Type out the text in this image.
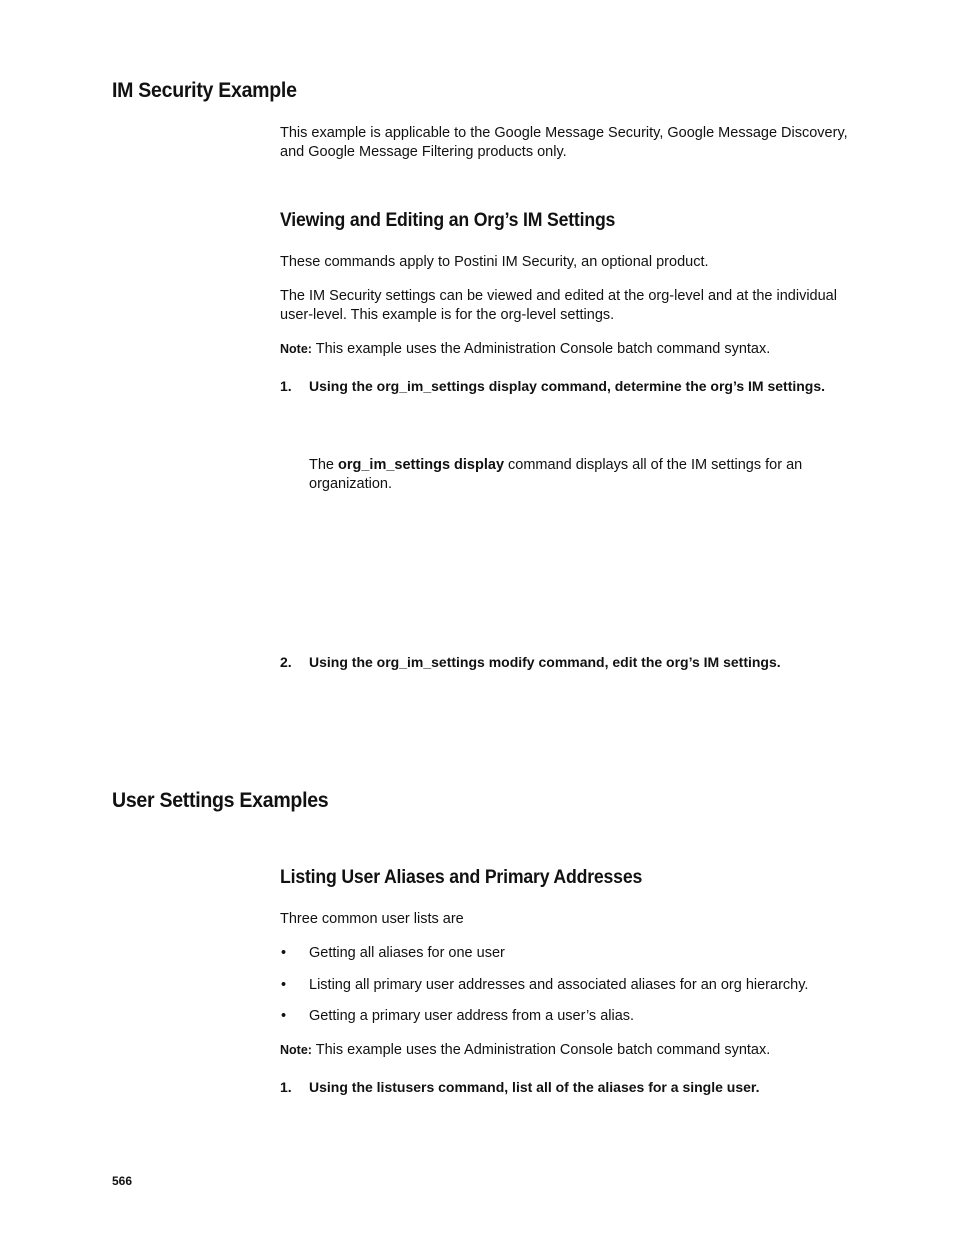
IM Security Example
This example is applicable to the Google Message Security, Google Message Discovery, and Google Message Filtering products only.
Viewing and Editing an Org’s IM Settings
These commands apply to Postini IM Security, an optional product.
The IM Security settings can be viewed and edited at the org-level and at the individual user-level. This example is for the org-level settings.
Note: This example uses the Administration Console batch command syntax.
1. Using the org_im_settings display command, determine the org’s IM settings.
The org_im_settings display command displays all of the IM settings for an organization.
2. Using the org_im_settings modify command, edit the org’s IM settings.
User Settings Examples
Listing User Aliases and Primary Addresses
Three common user lists are
• Getting all aliases for one user
• Listing all primary user addresses and associated aliases for an org hierarchy.
• Getting a primary user address from a user’s alias.
Note: This example uses the Administration Console batch command syntax.
1. Using the listusers command, list all of the aliases for a single user.
566
